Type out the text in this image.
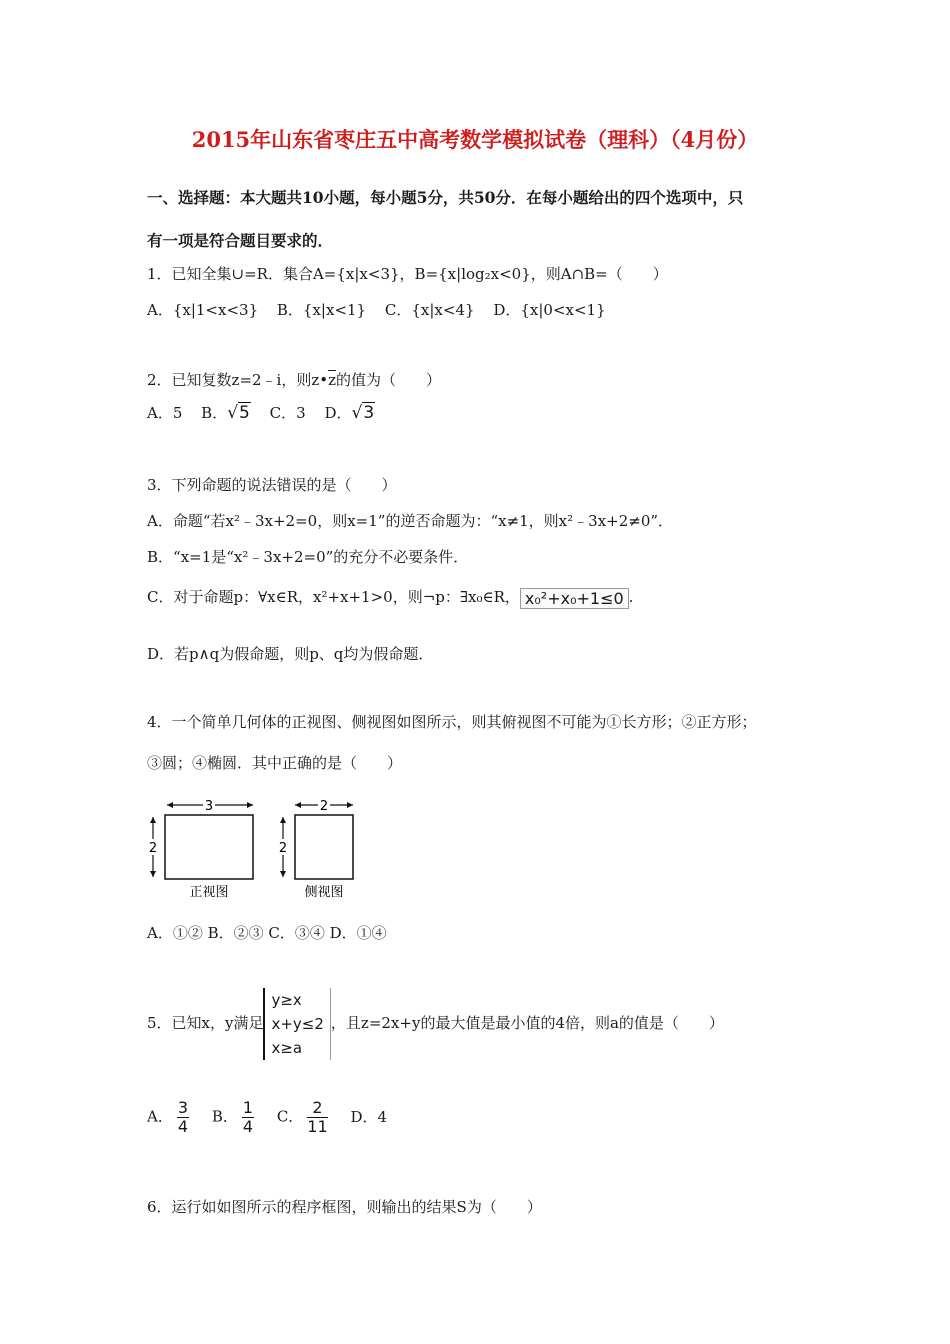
2015年山东省枣庄五中高考数学模拟试卷（理科）（4月份）
一、选择题：本大题共10小题，每小题5分，共50分．在每小题给出的四个选项中，只
有一项是符合题目要求的．
1．已知全集∪=R．集合A={x|x<3}，B={x|log₂x<0}，则A∩B=（　　）
A．{x|1<x<3} B．{x|x<1} C．{x|x<4} D．{x|0<x<1}
2．已知复数z=2﹣i，则$z•\overline{z}$的值为（　　）
A．5 B．√5 C．3 D．√3
3．下列命题的说法错误的是（　　）
A．命题“若x²﹣3x+2=0，则x=1”的逆否命题为：“x≠1，则x²﹣3x+2≠0”．
B．“x=1是“x²﹣3x+2=0”的充分不必要条件．
C．对于命题p：∀x∈R，x²+x+1>0，则¬p：∃x₀∈R， x₀²+x₀+1≤0 .
D．若p∧q为假命题，则p、q均为假命题．
4．一个简单几何体的正视图、侧视图如图所示，则其俯视图不可能为①长方形；②正方形；
③圆；④椭圆．其中正确的是（　　）
3
2
正视图
2
2
侧视图
A．①② B．②③ C．③④ D．①④
5．已知x，y满足
y≥x
x+y≤2
x≥a
，且z=2x+y的最大值是最小值的4倍，则a的值是（　　）
A． $\frac{3}{4}$ B． $\frac{1}{4}$ C． $\frac{2}{11}$ D．4
6．运行如如图所示的程序框图，则输出的结果S为（　　）
